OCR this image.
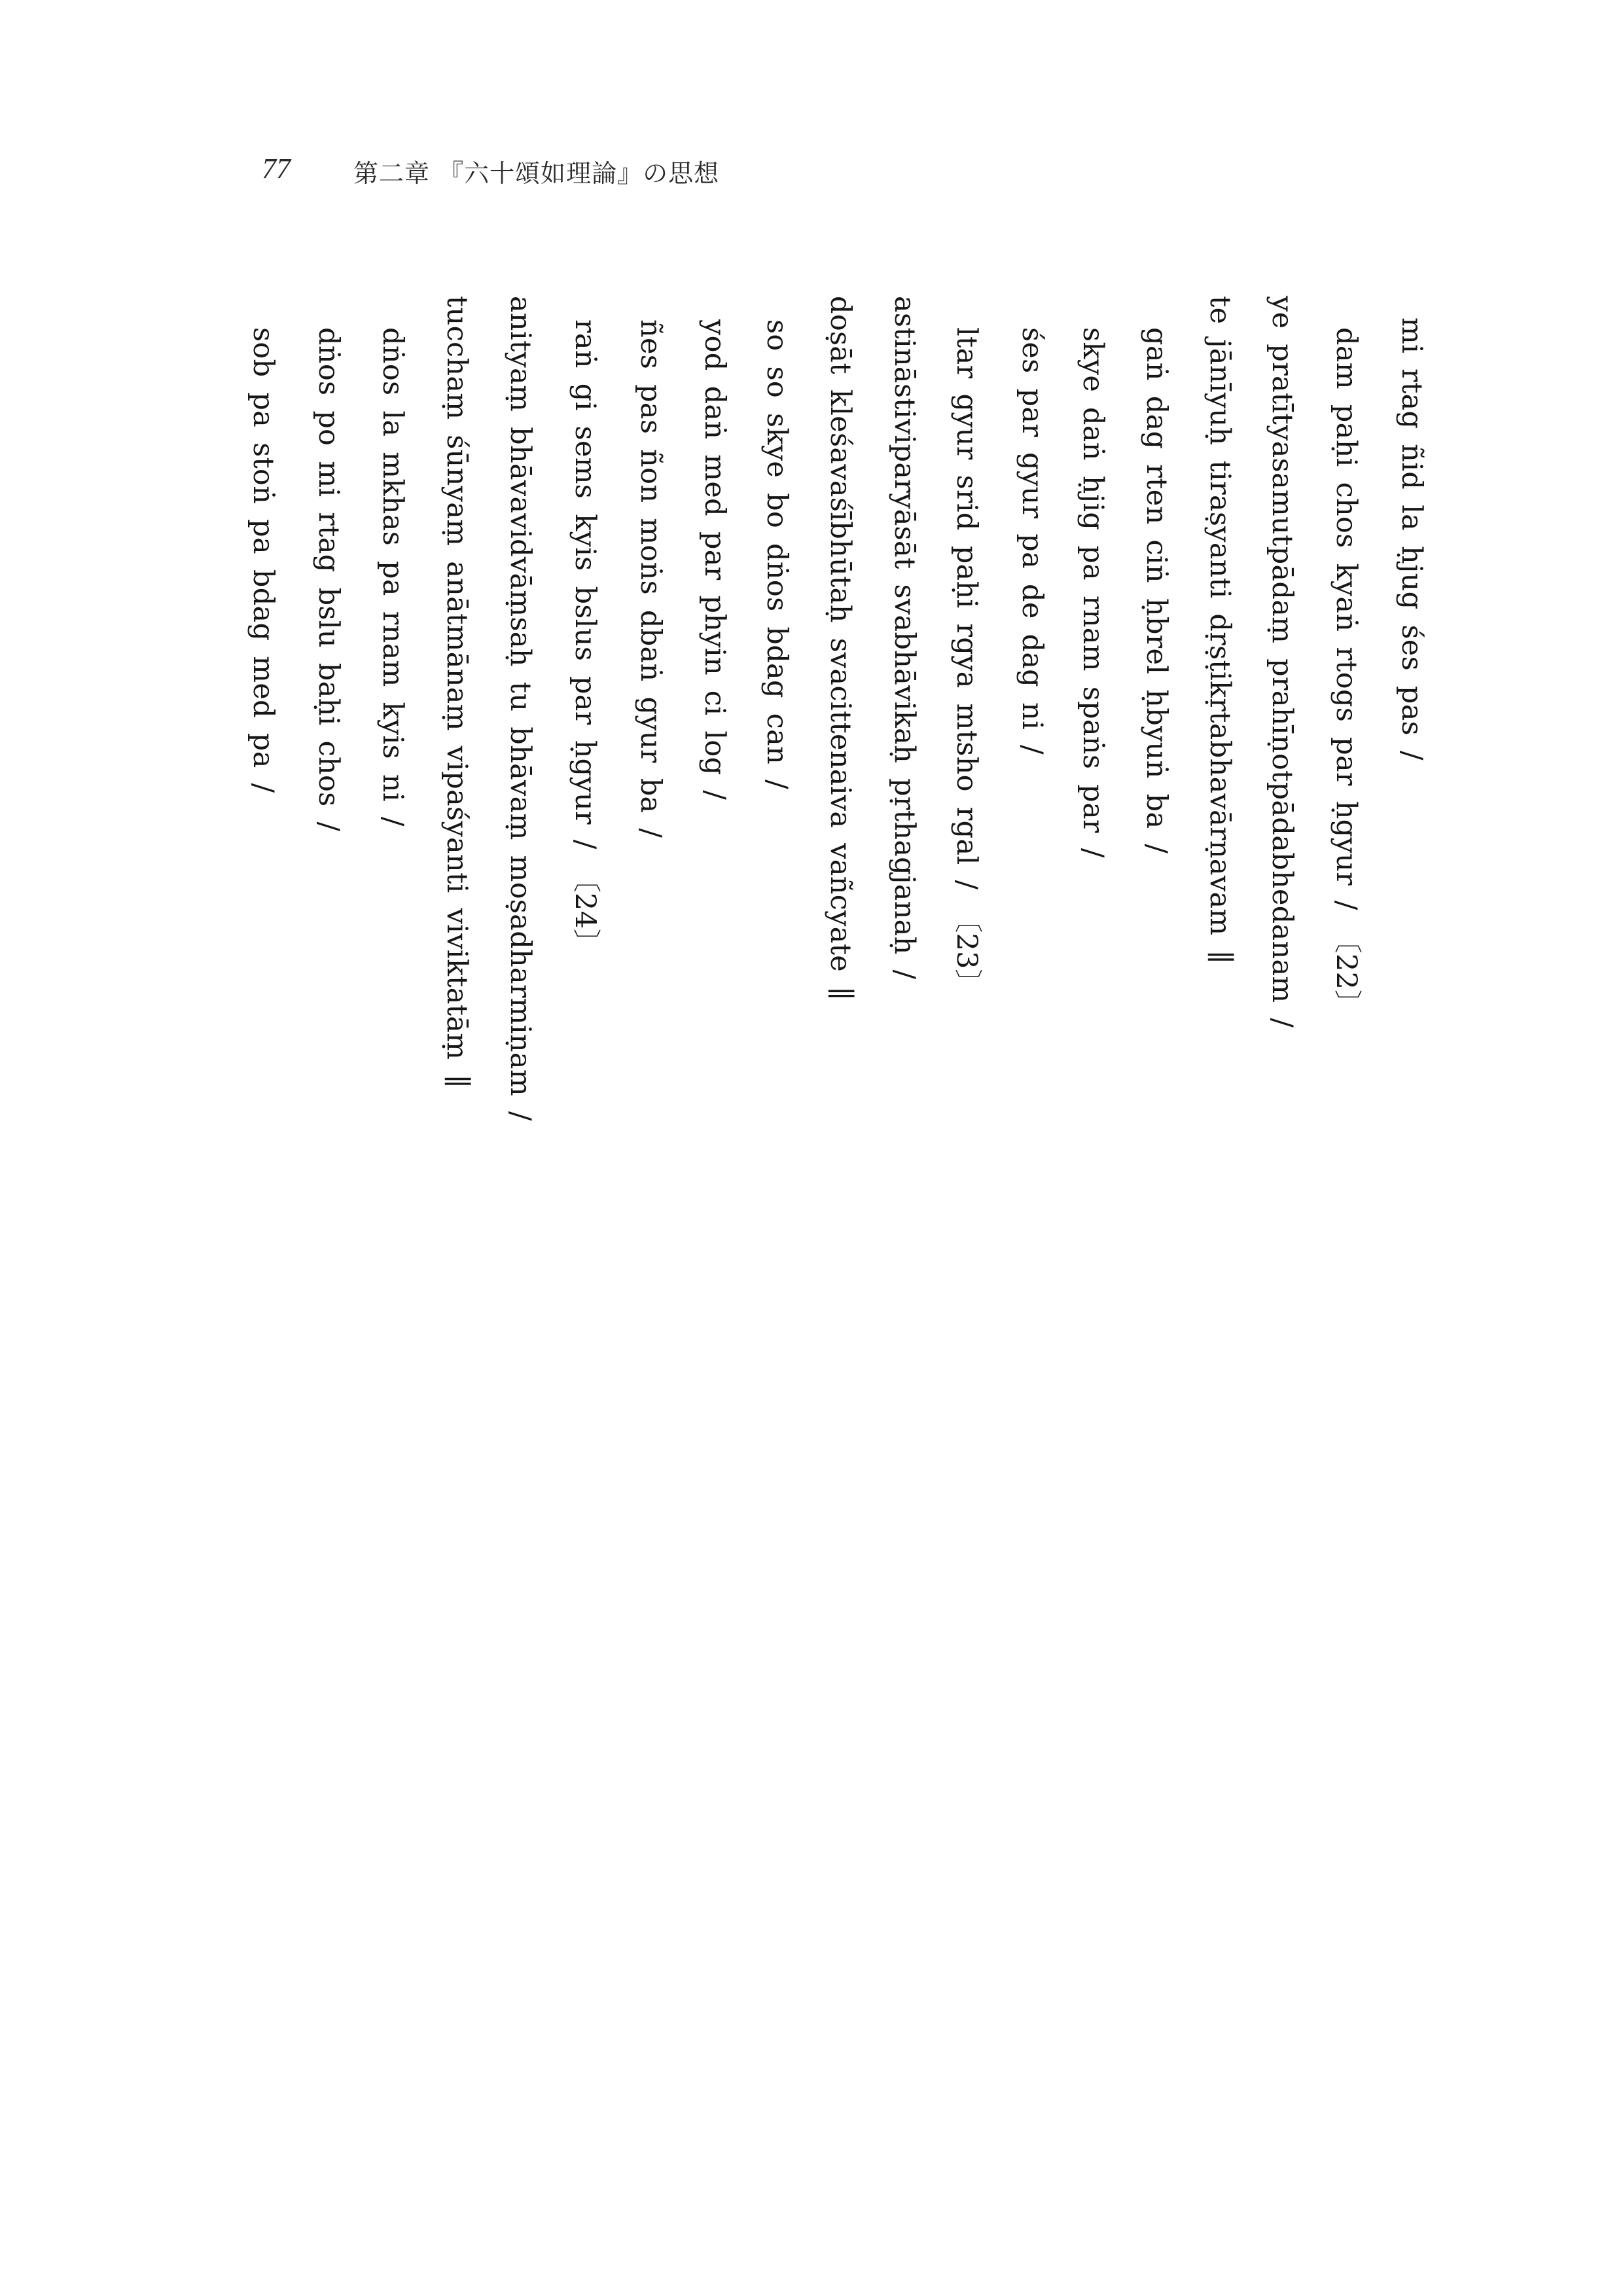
77	第二章 『六十頌如理論』の思想
mi rtag ñid la ḥjug śes pas /
dam paḥi chos kyaṅ rtogs par ḥgyur / 〔22〕
ye pratītyasamutpādaṃ prahīṇotpādabhedanam /
te jānīyuḥ tiraṣyanti dṛṣṭikṛtabhavārṇavam ∥
gaṅ dag rten ciṅ ḥbrel ḥbyuṅ ba /
skye daṅ ḥjig pa rnam spaṅs par /
śes par gyur pa de dag ni /
ltar gyur srid paḥi rgya mtsho rgal / 〔23〕
astināstiviparyāsāt svabhāvikaḥ pṛthagjanaḥ /
doṣāt kleśavaśībhūtaḥ svacittenaiva vañcyate ∥
so so skye bo dṅos bdag can /
yod daṅ med par phyin ci log /
ñes pas ñon moṅs dbaṅ gyur ba /
raṅ gi sems kyis bslus par ḥgyur / 〔24〕
anityaṃ bhāvavidvāṃsaḥ tu bhāvaṃ moṣadharmiṇam /
tucchaṃ śūnyaṃ anātmānaṃ vipaśyanti viviktatāṃ ∥
dṅos la mkhas pa rnam kyis ni /
dṅos po mi rtag bslu baḥi chos /
sob pa stoṅ pa bdag med pa /
